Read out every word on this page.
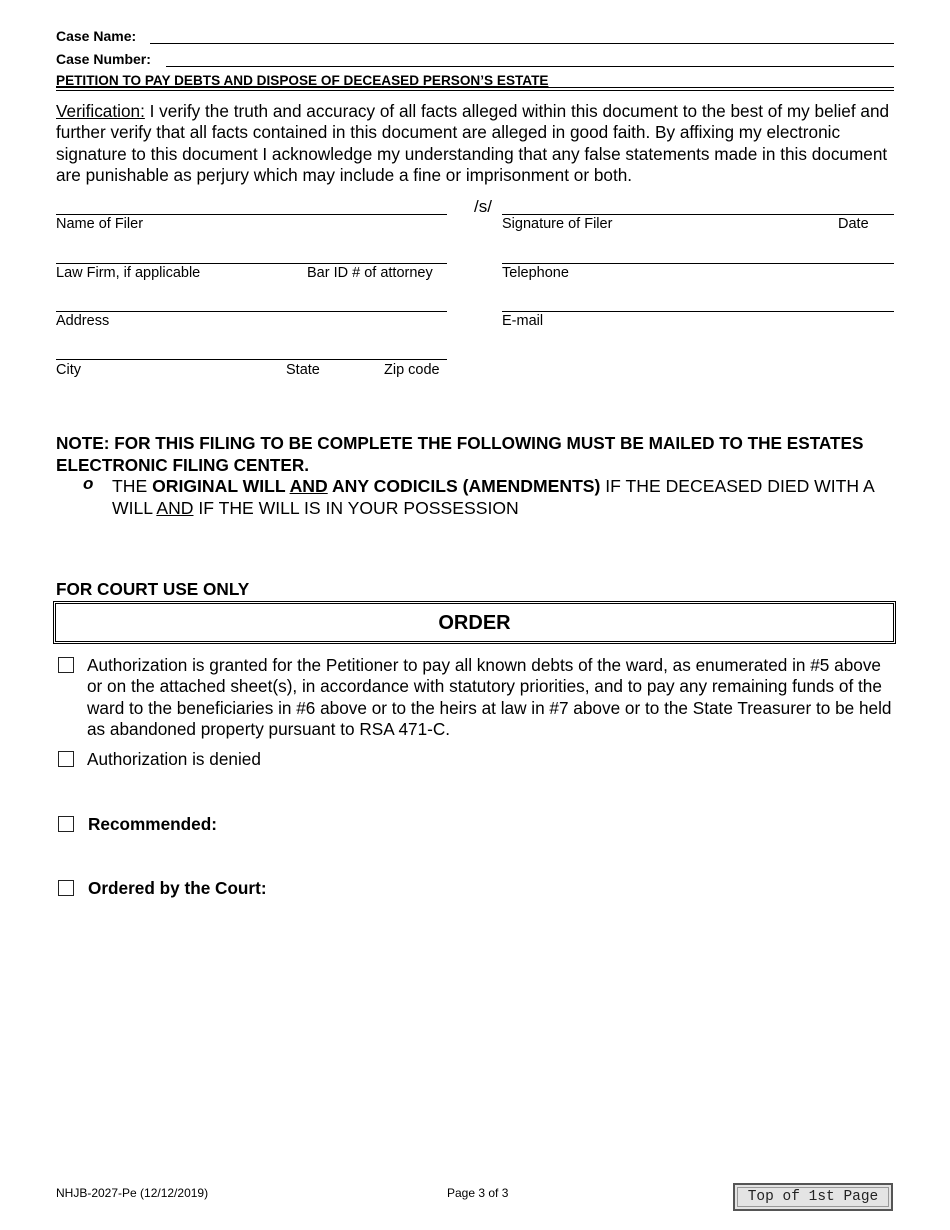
Case Name:
Case Number:
PETITION TO PAY DEBTS AND DISPOSE OF DECEASED PERSON’S ESTATE
Verification: I verify the truth and accuracy of all facts alleged within this document to the best of my belief and further verify that all facts contained in this document are alleged in good faith. By affixing my electronic signature to this document I acknowledge my understanding that any false statements made in this document are punishable as perjury which may include a fine or imprisonment or both.
/s/
Name of Filer	Signature of Filer	Date
Law Firm, if applicable	Bar ID # of attorney	Telephone
Address	E-mail
City	State	Zip code
NOTE: FOR THIS FILING TO BE COMPLETE THE FOLLOWING MUST BE MAILED TO THE ESTATES ELECTRONIC FILING CENTER.
o THE ORIGINAL WILL AND ANY CODICILS (AMENDMENTS) IF THE DECEASED DIED WITH A WILL AND IF THE WILL IS IN YOUR POSSESSION
FOR COURT USE ONLY
ORDER
Authorization is granted for the Petitioner to pay all known debts of the ward, as enumerated in #5 above or on the attached sheet(s), in accordance with statutory priorities, and to pay any remaining funds of the ward to the beneficiaries in #6 above or to the heirs at law in #7 above or to the State Treasurer to be held as abandoned property pursuant to RSA 471-C.
Authorization is denied
Recommended:
Ordered by the Court:
NHJB-2027-Pe (12/12/2019)	Page 3 of 3	Top of 1st Page
